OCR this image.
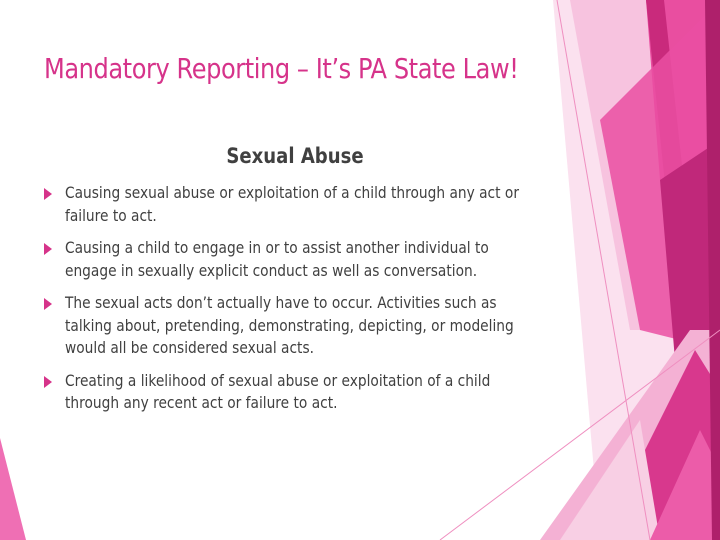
Mandatory Reporting – It’s PA State Law!
Sexual Abuse
Causing sexual abuse or exploitation of a child through any act or failure to act.
Causing a child to engage in or to assist another individual to engage in sexually explicit conduct as well as conversation.
The sexual acts don’t actually have to occur. Activities such as talking about, pretending, demonstrating, depicting, or modeling would all be considered sexual acts.
Creating a likelihood of sexual abuse or exploitation of a child through any recent act or failure to act.
